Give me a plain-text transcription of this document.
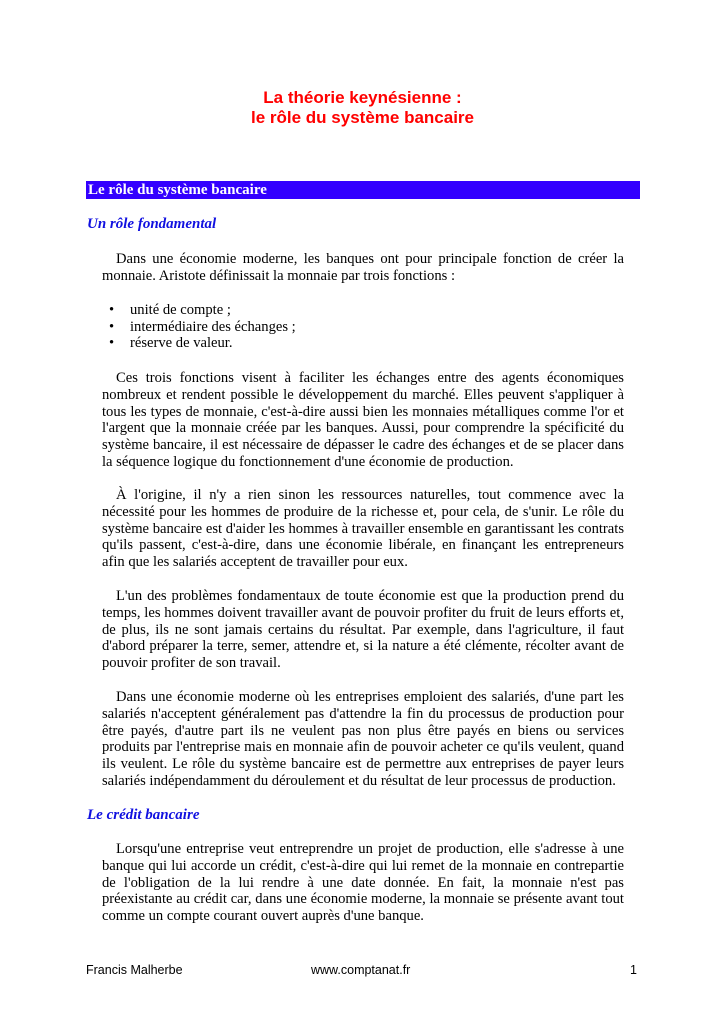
La théorie keynésienne :
le rôle du système bancaire
Le rôle du système bancaire
Un rôle fondamental

Dans une économie moderne, les banques ont pour principale fonction de créer la monnaie. Aristote définissait la monnaie par trois fonctions :

• unité de compte ;
• intermédiaire des échanges ;
• réserve de valeur.

Ces trois fonctions visent à faciliter les échanges entre des agents économiques nombreux et rendent possible le développement du marché. Elles peuvent s'appliquer à tous les types de monnaie, c'est-à-dire aussi bien les monnaies métalliques comme l'or et l'argent que la monnaie créée par les banques. Aussi, pour comprendre la spécificité du système bancaire, il est nécessaire de dépasser le cadre des échanges et de se placer dans la séquence logique du fonctionnement d'une économie de production.

À l'origine, il n'y a rien sinon les ressources naturelles, tout commence avec la nécessité pour les hommes de produire de la richesse et, pour cela, de s'unir. Le rôle du système bancaire est d'aider les hommes à travailler ensemble en garantissant les contrats qu'ils passent, c'est-à-dire, dans une économie libérale, en finançant les entrepreneurs afin que les salariés acceptent de travailler pour eux.

L'un des problèmes fondamentaux de toute économie est que la production prend du temps, les hommes doivent travailler avant de pouvoir profiter du fruit de leurs efforts et, de plus, ils ne sont jamais certains du résultat. Par exemple, dans l'agriculture, il faut d'abord préparer la terre, semer, attendre et, si la nature a été clémente, récolter avant de pouvoir profiter de son travail.

Dans une économie moderne où les entreprises emploient des salariés, d'une part les salariés n'acceptent généralement pas d'attendre la fin du processus de production pour être payés, d'autre part ils ne veulent pas non plus être payés en biens ou services produits par l'entreprise mais en monnaie afin de pouvoir acheter ce qu'ils veulent, quand ils veulent. Le rôle du système bancaire est de permettre aux entreprises de payer leurs salariés indépendamment du déroulement et du résultat de leur processus de production.

Le crédit bancaire

Lorsqu'une entreprise veut entreprendre un projet de production, elle s'adresse à une banque qui lui accorde un crédit, c'est-à-dire qui lui remet de la monnaie en contrepartie de l'obligation de la lui rendre à une date donnée. En fait, la monnaie n'est pas préexistante au crédit car, dans une économie moderne, la monnaie se présente avant tout comme un compte courant ouvert auprès d'une banque.

Francis Malherbe	www.comptanat.fr	1
